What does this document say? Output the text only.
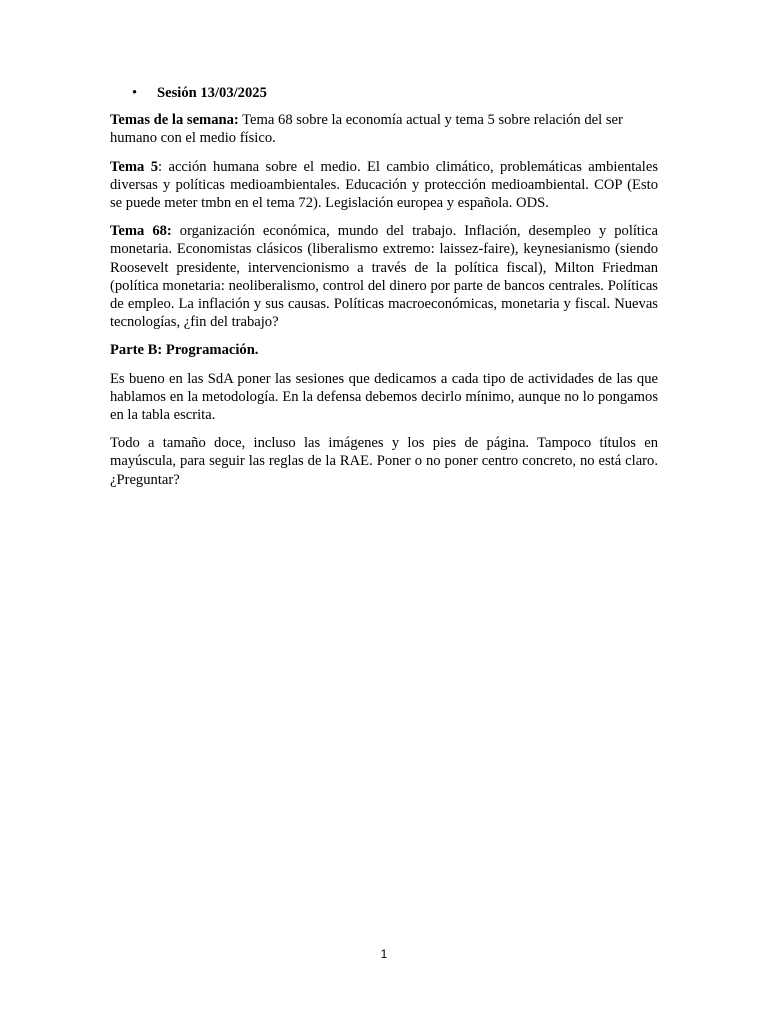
• Sesión 13/03/2025

Temas de la semana: Tema 68 sobre la economía actual y tema 5 sobre relación del ser humano con el medio físico.

Tema 5: acción humana sobre el medio. El cambio climático, problemáticas ambientales diversas y políticas medioambientales. Educación y protección medioambiental. COP (Esto se puede meter tmbn en el tema 72). Legislación europea y española. ODS.

Tema 68: organización económica, mundo del trabajo. Inflación, desempleo y política monetaria. Economistas clásicos (liberalismo extremo: laissez-faire), keynesianismo (siendo Roosevelt presidente, intervencionismo a través de la política fiscal), Milton Friedman (política monetaria: neoliberalismo, control del dinero por parte de bancos centrales. Políticas de empleo. La inflación y sus causas. Políticas macroeconómicas, monetaria y fiscal. Nuevas tecnologías, ¿fin del trabajo?

Parte B: Programación.

Es bueno en las SdA poner las sesiones que dedicamos a cada tipo de actividades de las que hablamos en la metodología. En la defensa debemos decirlo mínimo, aunque no lo pongamos en la tabla escrita.

Todo a tamaño doce, incluso las imágenes y los pies de página. Tampoco títulos en mayúscula, para seguir las reglas de la RAE. Poner o no poner centro concreto, no está claro. ¿Preguntar?

1
